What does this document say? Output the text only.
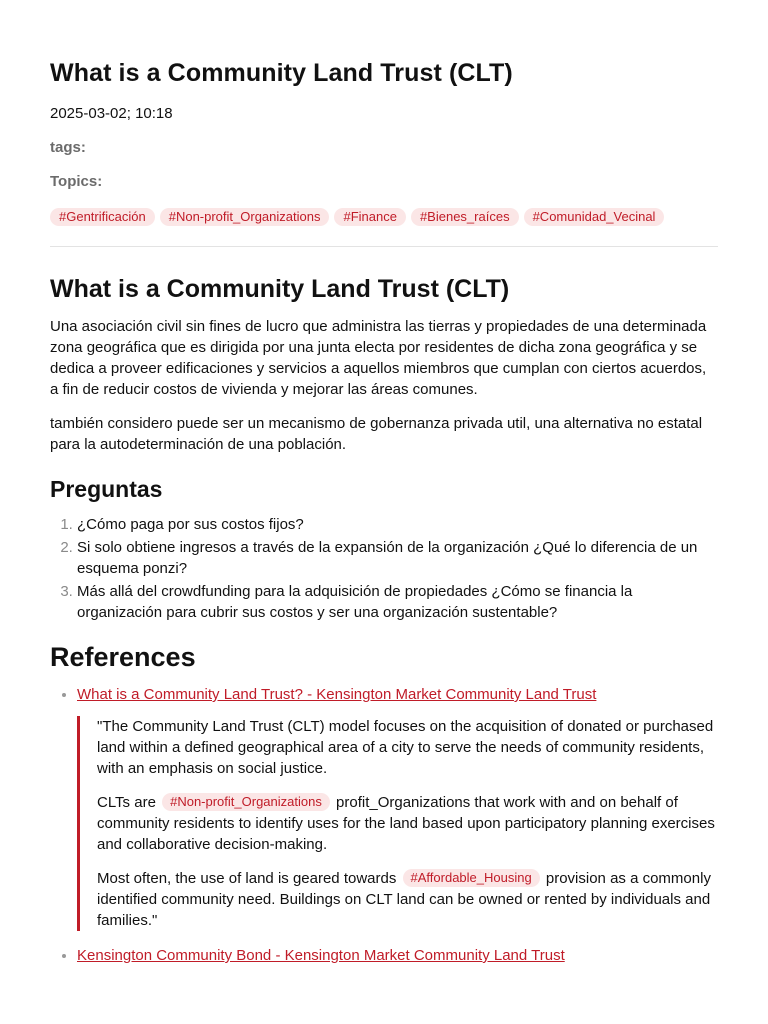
What is a Community Land Trust (CLT)
2025-03-02; 10:18
tags:
Topics:
#Gentrificación	#Non-profit_Organizations	#Finance	#Bienes_raíces	#Comunidad_Vecinal
What is a Community Land Trust (CLT)

Una asociación civil sin fines de lucro que administra las tierras y propiedades de una determinada zona geográfica que es dirigida por una junta electa por residentes de dicha zona geográfica y se dedica a proveer edificaciones y servicios a aquellos miembros que cumplan con ciertos acuerdos, a fin de reducir costos de vivienda y mejorar las áreas comunes.

también considero puede ser un mecanismo de gobernanza privada util, una alternativa no estatal para la autodeterminación de una población.

Preguntas
1. ¿Cómo paga por sus costos fijos?
2. Si solo obtiene ingresos a través de la expansión de la organización ¿Qué lo diferencia de un esquema ponzi?
3. Más allá del crowdfunding para la adquisición de propiedades ¿Cómo se financia la organización para cubrir sus costos y ser una organización sustentable?
References
• What is a Community Land Trust? - Kensington Market Community Land Trust

"The Community Land Trust (CLT) model focuses on the acquisition of donated or purchased land within a defined geographical area of a city to serve the needs of community residents, with an emphasis on social justice.

CLTs are #Non-profit_Organizations profit_Organizations that work with and on behalf of community residents to identify uses for the land based upon participatory planning exercises and collaborative decision-making.

Most often, the use of land is geared towards #Affordable_Housing provision as a commonly identified community need. Buildings on CLT land can be owned or rented by individuals and families."

• Kensington Community Bond - Kensington Market Community Land Trust
